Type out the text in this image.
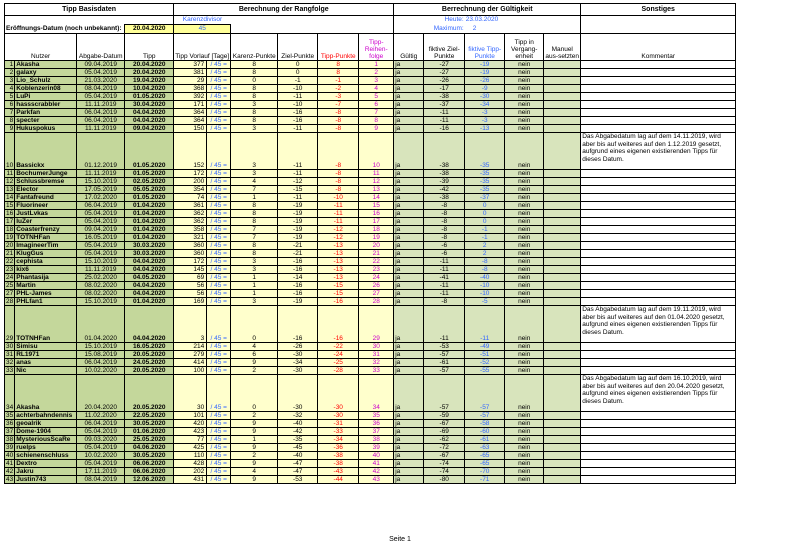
Tipp Basisdaten				Berechnung der Rangfolge						Berrechnung der Gültigkeit					Sonstiges
				Karenzdivisor						Heute:		23.03.2020			
Eröffnungs-Datum (noch unbekannt):			20.04.2020	45						Maximum:		2			
Nutzer		Abgabe-Datum	Tipp	Tipp Vorlauf [Tage]		Karenz-Punkte	Ziel-Punkte	Tipp-Punkte	Tipp-Reihen-folge	Gültig	fiktive Ziel-Punkte	fiktive Tipp-Punkte	Tipp in Vergang-enheit	Manuel aus-setzten	Kommentar
1	Akasha	09.04.2019	20.04.2020	377	/ 45 =	8	0	8	1	ja	-27	-19	nein		
2	galaxy	05.04.2019	20.04.2020	381	/ 45 =	8	0	8	2	ja	-27	-19	nein		
3	Lio_Schulz	21.03.2020	19.04.2020	29	/ 45 =	0	-1	-1	3	ja	-26	-26	nein		
4	Koblenzerin08	08.04.2019	10.04.2020	368	/ 45 =	8	-10	-2	4	ja	-17	-9	nein		
5	LuPi	05.04.2019	01.05.2020	392	/ 45 =	8	-11	-3	5	ja	-38	-30	nein		
6	hassscrabbler	11.11.2019	30.04.2020	171	/ 45 =	3	-10	-7	6	ja	-37	-34	nein		
7	Parkfan	06.04.2019	04.04.2020	364	/ 45 =	8	-16	-8	7	ja	-11	-3	nein		
8	specter	06.04.2019	04.04.2020	364	/ 45 =	8	-16	-8	8	ja	-11	-3	nein		
9	Hukuspokus	11.11.2019	09.04.2020	150	/ 45 =	3	-11	-8	9	ja	-16	-13	nein		
10	Bassickx	01.12.2019	01.05.2020	152	/ 45 =	3	-11	-8	10	ja	-38	-35	nein		Das Abgabedatum lag auf dem 14.11.2019, wird aber bis auf weiteres auf den 1.12.2019 gesetzt, aufgrund eines eigenen existierenden Tipps für dieses Datum.
11	BochumerJunge	11.11.2019	01.05.2020	172	/ 45 =	3	-11	-8	11	ja	-38	-35	nein		
12	Schlussbremse	15.10.2019	02.05.2020	200	/ 45 =	4	-12	-8	12	ja	-39	-35	nein		
13	Elector	17.05.2019	05.05.2020	354	/ 45 =	7	-15	-8	13	ja	-42	-35	nein		
14	Fantafreund	17.02.2020	01.05.2020	74	/ 45 =	1	-11	-10	14	ja	-38	-37	nein		
15	Fluorineer	06.04.2019	01.04.2020	361	/ 45 =	8	-19	-11	15	ja	-8	0	nein		
16	JustLvkas	05.04.2019	01.04.2020	362	/ 45 =	8	-19	-11	16	ja	-8	0	nein		
17	IuZer	05.04.2019	01.04.2020	362	/ 45 =	8	-19	-11	17	ja	-8	0	nein		
18	Coasterfrenzy	09.04.2019	01.04.2020	358	/ 45 =	7	-19	-12	18	ja	-8	-1	nein		
19	TOTNHFan	16.05.2019	01.04.2020	321	/ 45 =	7	-19	-12	19	ja	-8	-1	nein		
20	ImagineerTim	05.04.2019	30.03.2020	360	/ 45 =	8	-21	-13	20	ja	-6	2	nein		
21	KlugGus	05.04.2019	30.03.2020	360	/ 45 =	8	-21	-13	21	ja	-6	2	nein		
22	cephista	15.10.2019	04.04.2020	172	/ 45 =	3	-16	-13	22	ja	-11	-8	nein		
23	kix6	11.11.2019	04.04.2020	145	/ 45 =	3	-16	-13	23	ja	-11	-8	nein		
24	Phantasija	25.02.2020	04.05.2020	69	/ 45 =	1	-14	-13	24	ja	-41	-40	nein		
25	Martin	08.02.2020	04.04.2020	56	/ 45 =	1	-16	-15	26	ja	-11	-10	nein		
27	PHL-James	08.02.2020	04.04.2020	56	/ 45 =	1	-16	-15	27	ja	-11	-10	nein		
28	PHLfan1	15.10.2019	01.04.2020	169	/ 45 =	3	-19	-16	28	ja	-8	-5	nein		
29	TOTNHFan	01.04.2020	04.04.2020	3	/ 45 =	0	-16	-16	29	ja	-11	-11	nein		Das Abgabedatum lag auf dem 19.11.2019, wird aber bis auf weiteres auf den 01.04.2020 gesetzt, aufgrund eines eigenen existierenden Tipps für dieses Datum.
30	Simisu	15.10.2019	16.05.2020	214	/ 45 =	4	-26	-22	30	ja	-53	-49	nein		
31	RL1971	15.08.2019	20.05.2020	279	/ 45 =	6	-30	-24	31	ja	-57	-51	nein		
32	anas	06.04.2019	24.05.2020	414	/ 45 =	9	-34	-25	32	ja	-61	-52	nein		
33	Nic	10.02.2020	20.05.2020	100	/ 45 =	2	-30	-28	33	ja	-57	-55	nein		
34	Akasha	20.04.2020	20.05.2020	30	/ 45 =	0	-30	-30	34	ja	-57	-57	nein		Das Abgabedatum lag auf dem 16.10.2019, wird aber bis auf weiteres auf den 20.04.2020 gesetzt, aufgrund eines eigenen existierenden Tipps für dieses Datum.
35	achterbahndennis	11.02.2020	22.05.2020	101	/ 45 =	2	-32	-30	35	ja	-59	-57	nein		
36	geoalrik	06.04.2019	30.05.2020	420	/ 45 =	9	-40	-31	36	ja	-67	-58	nein		
37	Dome-1904	05.04.2019	01.06.2020	423	/ 45 =	9	-42	-33	37	ja	-69	-60	nein		
38	MysteriousScaRe	09.03.2020	25.05.2020	77	/ 45 =	1	-35	-34	38	ja	-62	-61	nein		
39	ruelps	05.04.2019	04.06.2020	425	/ 45 =	9	-45	-36	39	ja	-72	-63	nein		
40	schienenschluss	10.02.2020	30.05.2020	110	/ 45 =	2	-40	-38	40	ja	-67	-65	nein		
41	Dextro	05.04.2019	06.06.2020	428	/ 45 =	9	-47	-38	41	ja	-74	-65	nein		
42	Jakru	17.11.2019	06.06.2020	202	/ 45 =	4	-47	-43	42	ja	-74	-70	nein		
43	Justin743	08.04.2019	12.06.2020	431	/ 45 =	9	-53	-44	43	ja	-80	-71	nein		
Seite 1
